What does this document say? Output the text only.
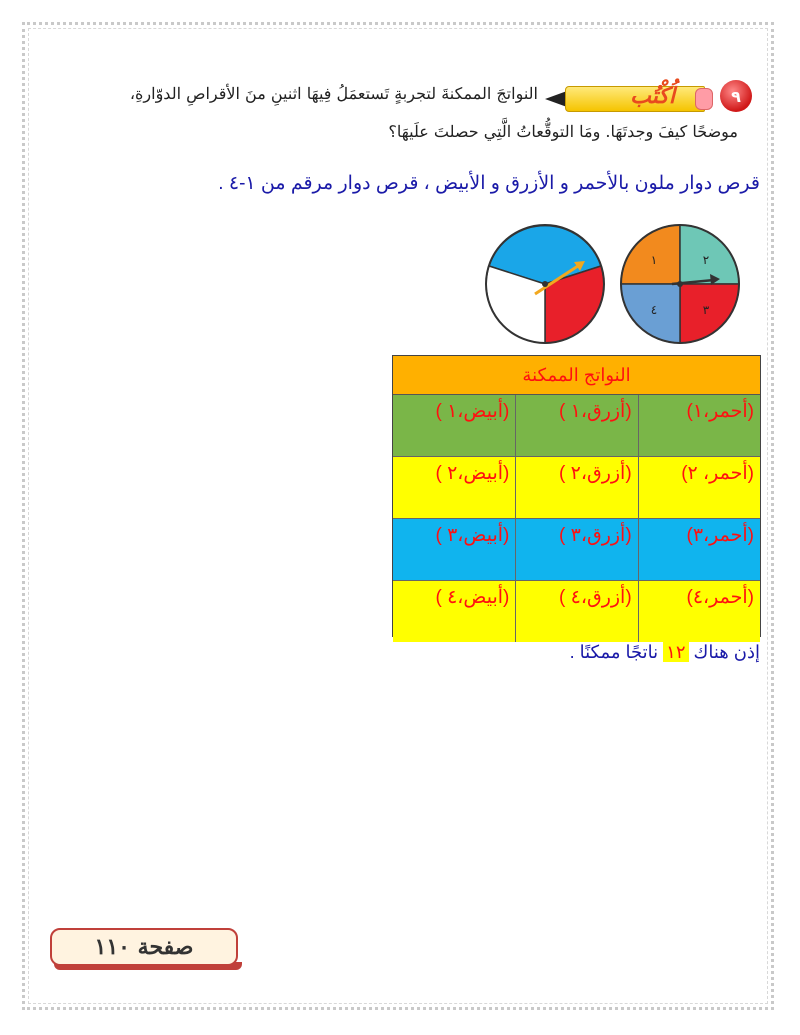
٩
اُكْتُب
النواتجَ الممكنةَ لتجربةٍ تَستعمَلُ فِيهَا اثنينِ منَ الأقراصِ الدوّارةِ،
موضحًا كيفَ وجدتَهَا. ومَا التوقُّعاتُ الَّتِي حصلتَ علَيهَا؟
قرص دوار ملون بالأحمر و الأزرق و الأبيض ، قرص دوار مرقم من ١-٤ .
١	٢
٣
٤
النواتج الممكنة
(أحمر،١)
(أزرق،١ )
(أبيض،١ )
(أحمر، ٢)
(أزرق،٢ )
(أبيض،٢ )
(أحمر،٣)
(أزرق،٣ )
(أبيض،٣ )
(أحمر،٤)
(أزرق،٤ )
(أبيض،٤ )
إذن هناك ١٢ ناتجًا ممكنًا .
صفحة ١١٠
